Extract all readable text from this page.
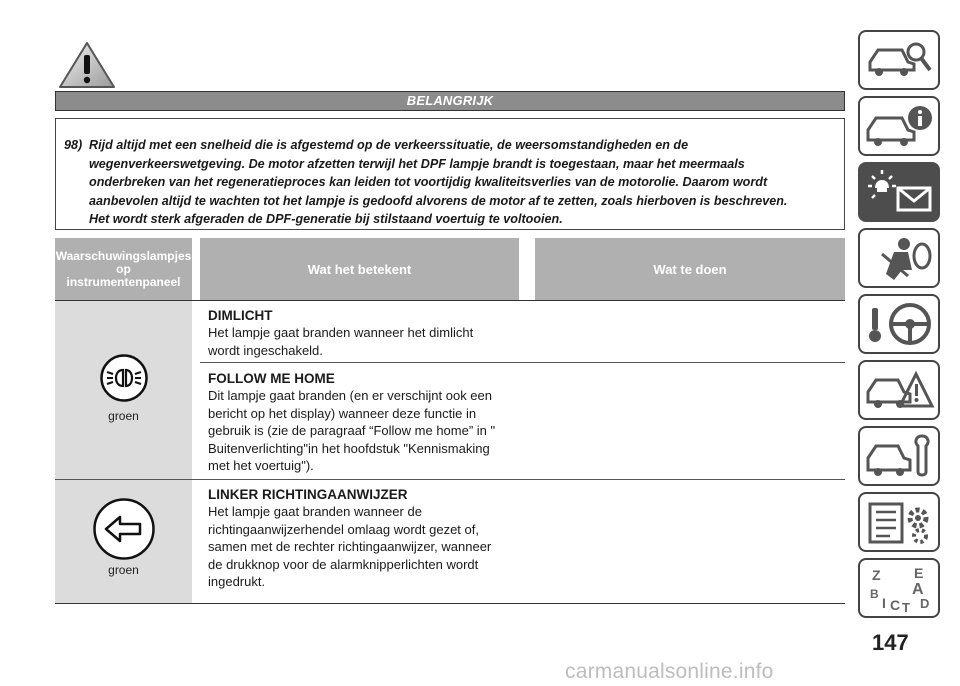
BELANGRIJK
98) Rijd altijd met een snelheid die is afgestemd op de verkeerssituatie, de weersomstandigheden en de
wegenverkeerswetgeving. De motor afzetten terwijl het DPF lampje brandt is toegestaan, maar het meermaals
onderbreken van het regeneratieproces kan leiden tot voortijdig kwaliteitsverlies van de motorolie. Daarom wordt
aanbevolen altijd te wachten tot het lampje is gedoofd alvorens de motor af te zetten, zoals hierboven is beschreven.
Het wordt sterk afgeraden de DPF-generatie bij stilstaand voertuig te voltooien.
Waarschuwingslampjes
op
instrumentenpaneel
Wat het betekent	Wat te doen
groen
DIMLICHT
Het lampje gaat branden wanneer het dimlicht
wordt ingeschakeld.
FOLLOW ME HOME
Dit lampje gaat branden (en er verschijnt ook een
bericht op het display) wanneer deze functie in
gebruik is (zie de paragraaf “Follow me home” in "
Buitenverlichting"in het hoofdstuk "Kennismaking
met het voertuig").
groen
LINKER RICHTINGAANWIJZER
Het lampje gaat branden wanneer de
richtingaanwijzerhendel omlaag wordt gezet of,
samen met de rechter richtingaanwijzer, wanneer
de drukknop voor de alarmknipperlichten wordt
ingedrukt.	Z E
B A
I C T D
147
carmanualsonline.info
